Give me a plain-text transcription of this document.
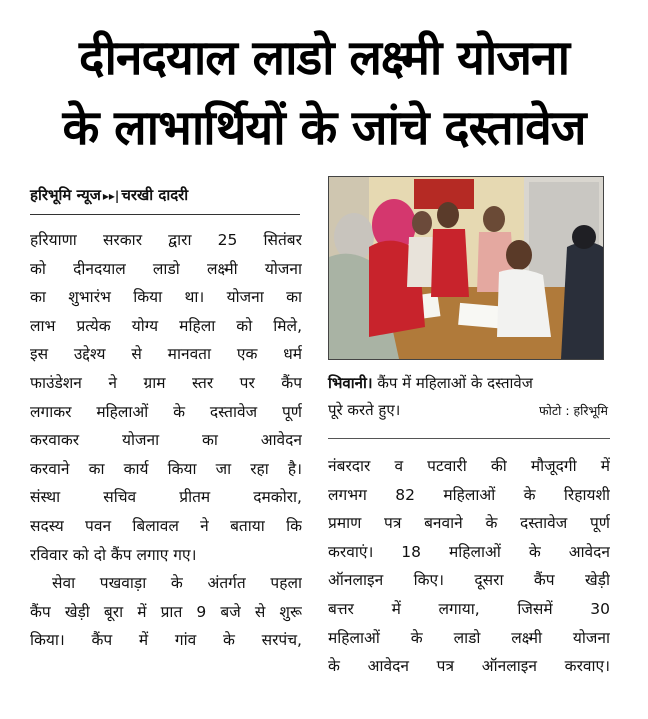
दीनदयाल लाडो लक्ष्मी योजना
के लाभार्थियों के जांचे दस्तावेज
हरिभूमि न्यूज ▸▸| चरखी दादरी
हरियाणा सरकार द्वारा 25 सितंबर
को दीनदयाल लाडो लक्ष्मी योजना
का शुभारंभ किया था। योजना का
लाभ प्रत्येक योग्य महिला को मिले,
इस उद्देश्य से मानवता एक धर्म
फाउंडेशन ने ग्राम स्तर पर कैंप
लगाकर महिलाओं के दस्तावेज पूर्ण
करवाकर योजना का आवेदन
करवाने का कार्य किया जा रहा है।
संस्था सचिव प्रीतम दमकोरा,
सदस्य पवन बिलावल ने बताया कि
रविवार को दो कैंप लगाए गए।
सेवा पखवाड़ा के अंतर्गत पहला
कैंप खेड़ी बूरा में प्रात 9 बजे से शुरू
किया। कैंप में गांव के सरपंच,
भिवानी। कैंप में महिलाओं के दस्तावेज
पूरे करते हुए।	फोटो : हरिभूमि
नंबरदार व पटवारी की मौजूदगी में
लगभग 82 महिलाओं के रिहायशी
प्रमाण पत्र बनवाने के दस्तावेज पूर्ण
करवाएं। 18 महिलाओं के आवेदन
ऑनलाइन किए। दूसरा कैंप खेड़ी
बत्तर में लगाया, जिसमें 30
महिलाओं के लाडो लक्ष्मी योजना
के आवेदन पत्र ऑनलाइन करवाए।
